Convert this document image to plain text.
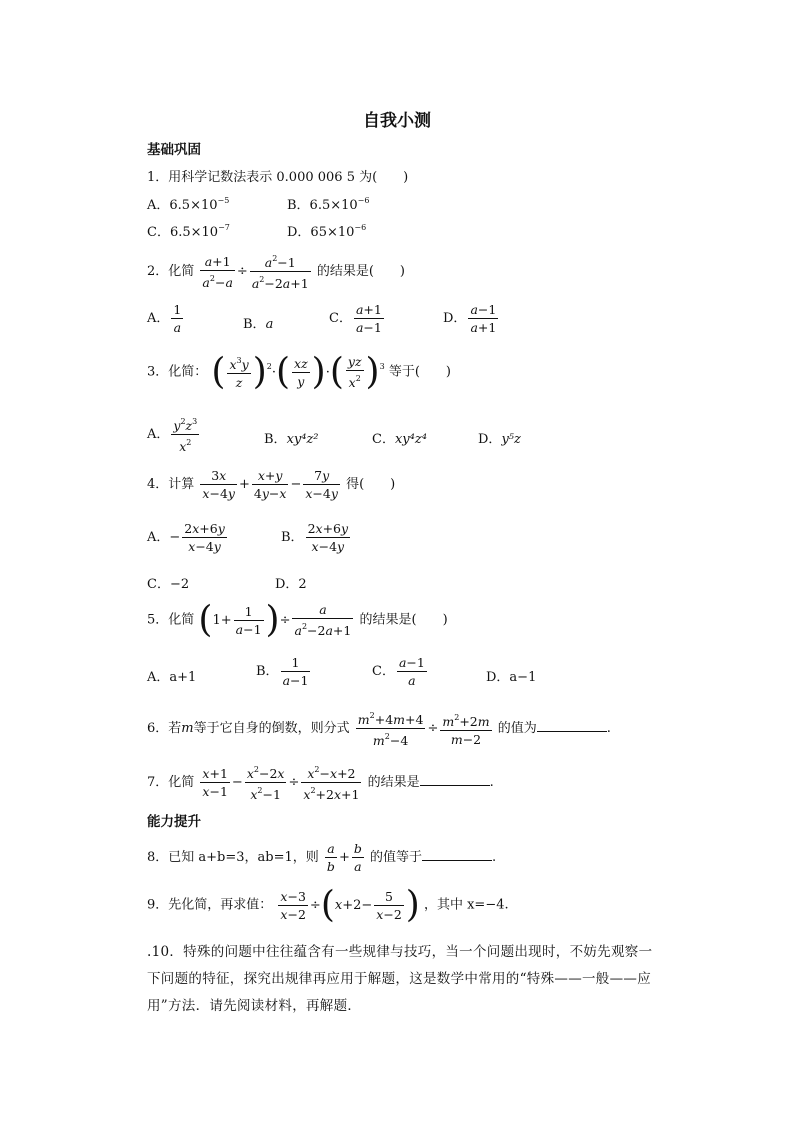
自我小测
基础巩固
1．用科学记数法表示 0.000 006 5 为(　　)
A．$6.5\times 10^{-5}$	B．$6.5\times 10^{-6}$
C．$6.5\times 10^{-7}$	D．$65\times 10^{-6}$
2．化简 $\frac{a+1}{a^2-a} \div \frac{a^2-1}{a^2-2a+1}$ 的结果是(　　)
A． $\frac{1}{a}$	B．a	C． $\frac{a+1}{a-1}$	D． $\frac{a-1}{a+1}$
3．化简： ( $\frac{x^3y}{z} )^2\cdot( \frac{xz}{y}$ )·( $\frac{yz}{x^2} )^3$ 等于(　　)
A． $\frac{y^2z^3}{x^2}$	B．xy⁴z²	C．xy⁴z⁴	D．y⁵z
4．计算 $\frac{3x}{x-4y} + \frac{x+y}{4y-x} - \frac{7y}{x-4y}$ 得(　　)
A．− $\frac{2x+6y}{x-4y}$	B． $\frac{2x+6y}{x-4y}$
C．−2	D．2
5．化简 ($1+ \frac{1}{a-1}$ )÷ $\frac{a}{a^2-2a+1}$ 的结果是(　　)
A．a+1	B． $\frac{1}{a-1}$	C． $\frac{a-1}{a}$	D．a−1
6．若m等于它自身的倒数，则分式 $\frac{m^2+4m+4}{m^2-4} \div \frac{m^2+2m}{m-2}$ 的值为	.
7．化简 $\frac{x+1}{x-1} - \frac{x^2-2x}{x^2-1} \div \frac{x^2-x+2}{x^2+2x+1}$ 的结果是	.
能力提升
8．已知 a+b=3，ab=1，则 $\frac{a}{b} + \frac{b}{a}$ 的值等于	.
9．先化简，再求值： $\frac{x-3}{x-2} \div(x+2- \frac{5}{x-2}$ ) ，其中 x=−4.
.10．特殊的问题中往往蕴含有一些规律与技巧，当一个问题出现时，不妨先观察一下问题的特征，探究出规律再应用于解题，这是数学中常用的“特殊——一般——应用”方法．请先阅读材料，再解题．
